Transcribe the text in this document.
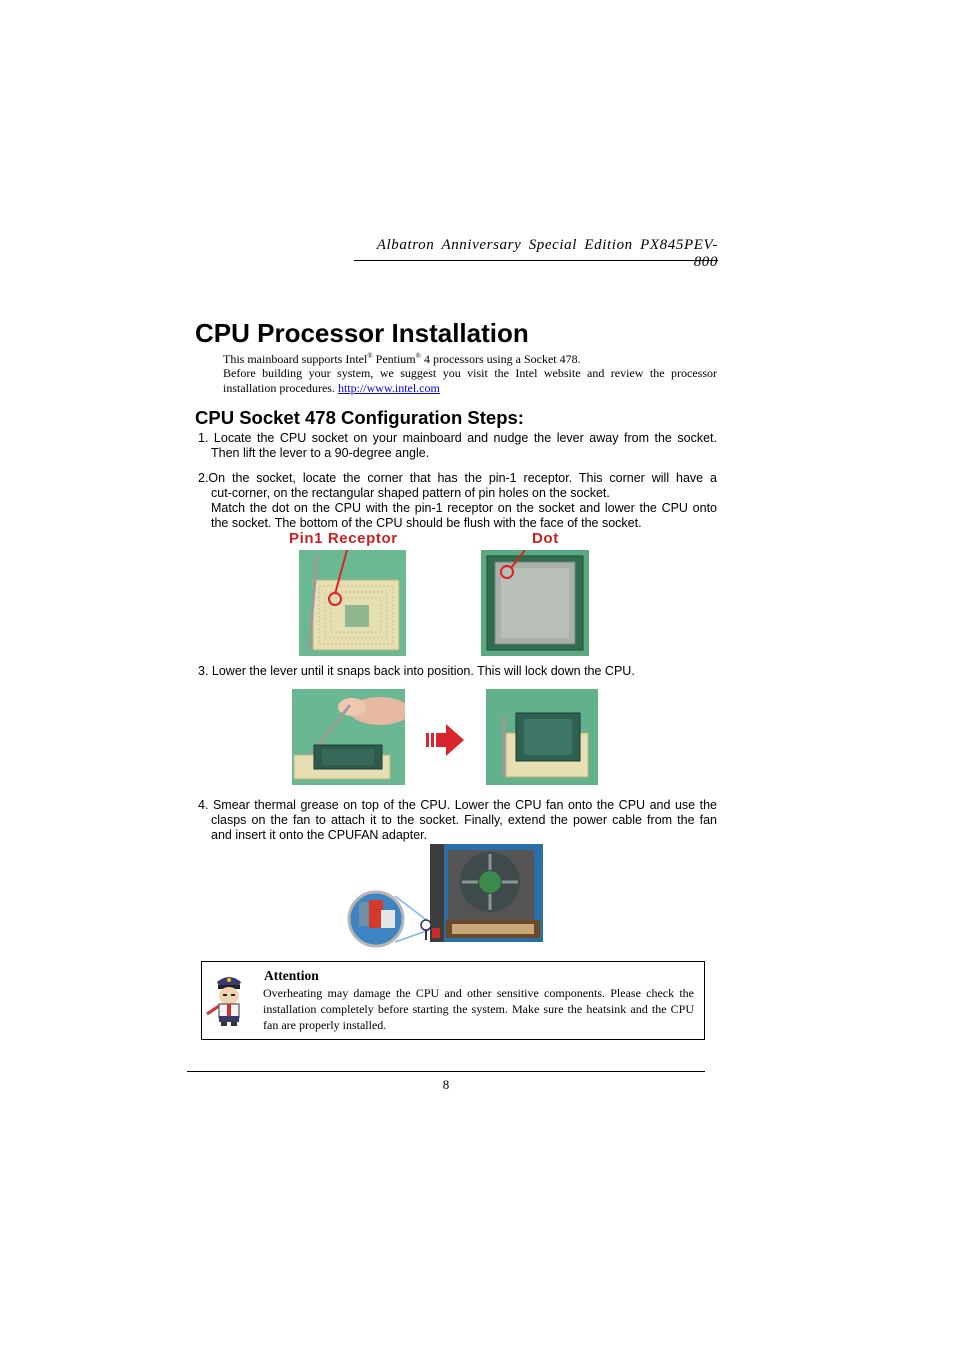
Albatron Anniversary Special Edition PX845PEV-800
CPU Processor Installation
This mainboard supports Intel® Pentium® 4 processors using a Socket 478.
Before building your system, we suggest you visit the Intel website and review the processor installation procedures. http://www.intel.com
CPU Socket 478 Configuration Steps:
1. Locate the CPU socket on your mainboard and nudge the lever away from the socket.
Then lift the lever to a 90-degree angle.
2.On the socket, locate the corner that has the pin-1 receptor. This corner will have a
cut-corner, on the rectangular shaped pattern of pin holes on the socket.
Match the dot on the CPU with the pin-1 receptor on the socket and lower the CPU onto
the socket. The bottom of the CPU should be flush with the face of the socket.
Pin1 Receptor	Dot
3. Lower the lever until it snaps back into position. This will lock down the CPU.
4. Smear thermal grease on top of the CPU. Lower the CPU fan onto the CPU and use the
clasps on the fan to attach it to the socket. Finally, extend the power cable from the fan
and insert it onto the CPUFAN adapter.
Attention
Overheating may damage the CPU and other sensitive components. Please check the installation completely before starting the system. Make sure the heatsink and the CPU fan are properly installed.
8
